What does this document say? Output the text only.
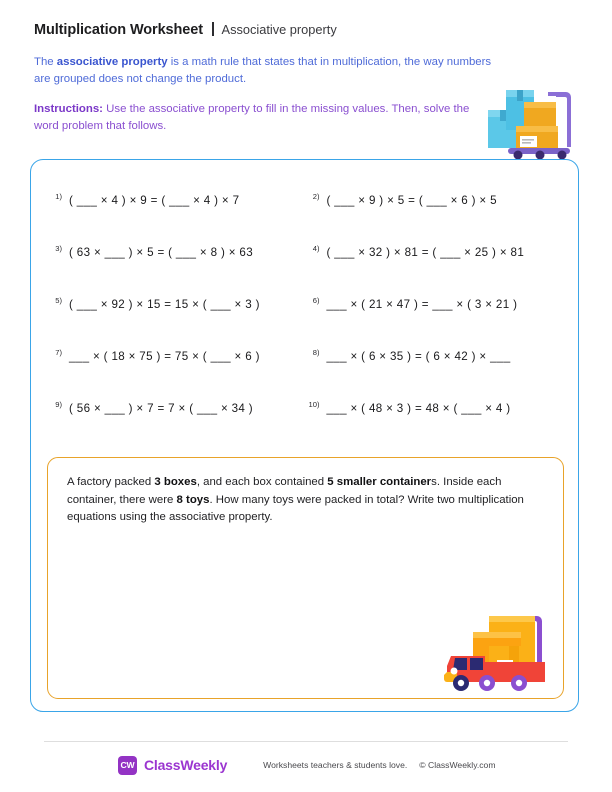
Multiplication Worksheet Associative property

The associative property is a math rule that states that in multiplication, the way numbers are grouped does not change the product.

Instructions: Use the associative property to fill in the missing values. Then, solve the word problem that follows.

1) ( ___ × 4 ) × 9 = ( ___ × 4 ) × 7	2) ( ___ × 9 ) × 5 = ( ___ × 6 ) × 5
3) ( 63 × ___ ) × 5 = ( ___ × 8 ) × 63	4) ( ___ × 32 ) × 81 = ( ___ × 25 ) × 81
5) ( ___ × 92 ) × 15 = 15 × ( ___ × 3 )	6) ___ × ( 21 × 47 ) = ___ × ( 3 × 21 )
7) ___ × ( 18 × 75 ) = 75 × ( ___ × 6 )	8) ___ × ( 6 × 35 ) = ( 6 × 42 ) × ___
9) ( 56 × ___ ) × 7 = 7 × ( ___ × 34 )	10) ___ × ( 48 × 3 ) = 48 × ( ___ × 4 )

A factory packed 3 boxes, and each box contained 5 smaller containers. Inside each container, there were 8 toys. How many toys were packed in total? Write two multiplication equations using the associative property.

CW ClassWeekly	Worksheets teachers & students love. © ClassWeekly.com
